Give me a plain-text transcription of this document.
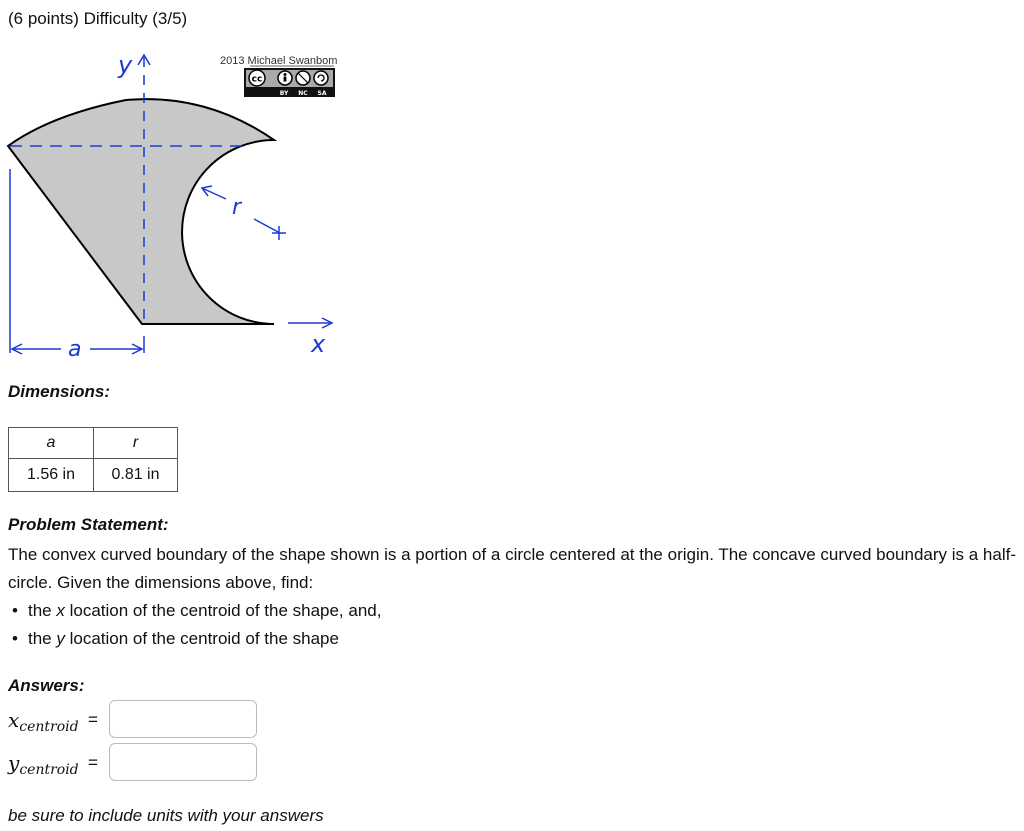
(6 points) Difficulty (3/5)
y
a
r
x
2013 Michael Swanbom
cc
BY NC SA
Dimensions:
a	r
1.56 in	0.81 in
Problem Statement:
The convex curved boundary of the shape shown is a portion of a circle centered at the origin. The concave curved boundary is a half-circle. Given the dimensions above, find:
• the x location of the centroid of the shape, and,
• the y location of the centroid of the shape
Answers:
xcentroid =
ycentroid =
be sure to include units with your answers
